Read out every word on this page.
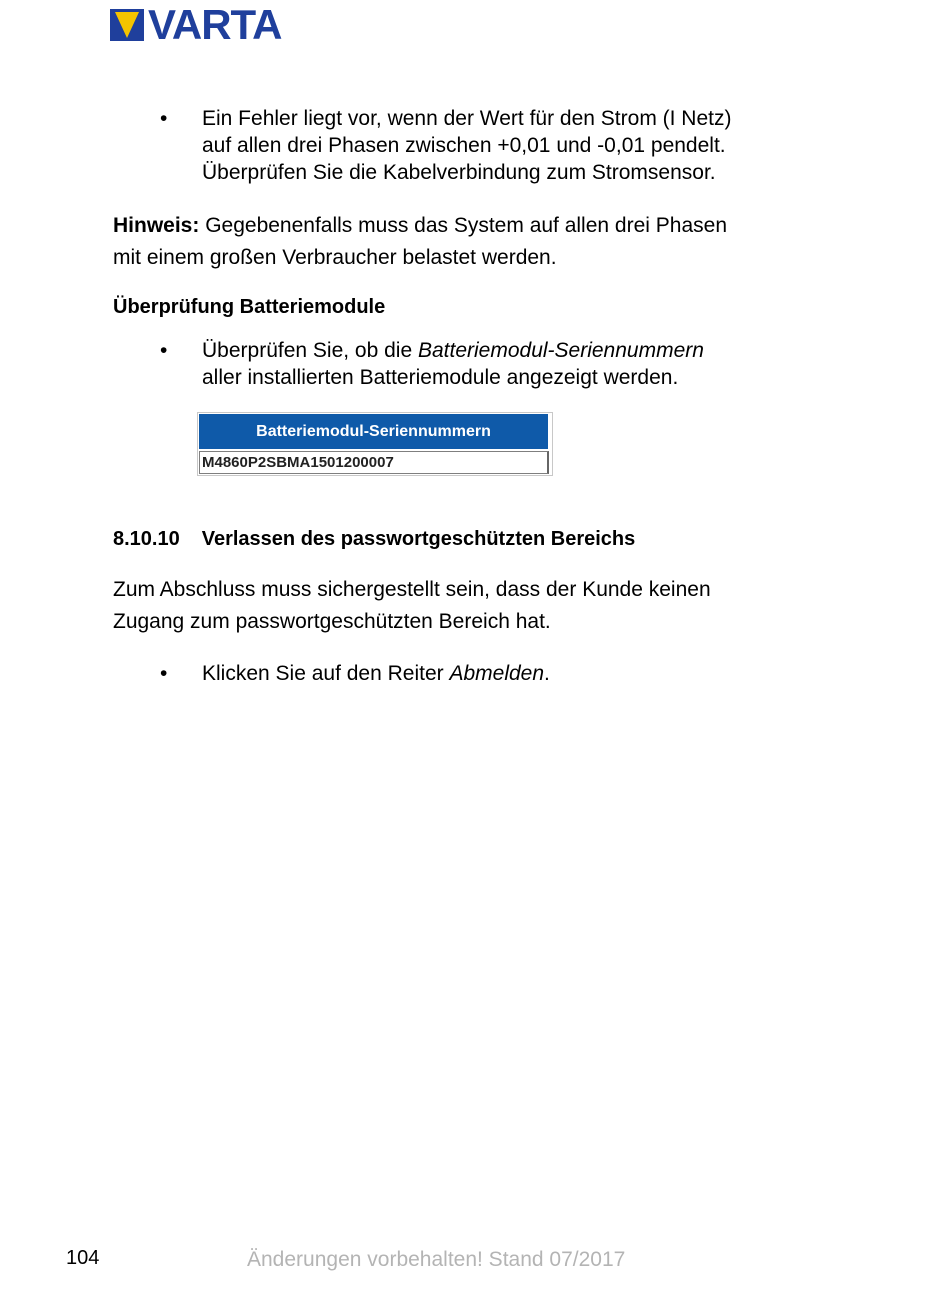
VARTA
• Ein Fehler liegt vor, wenn der Wert für den Strom (I Netz)
auf allen drei Phasen zwischen +0,01 und -0,01 pendelt.
Überprüfen Sie die Kabelverbindung zum Stromsensor.
Hinweis: Gegebenenfalls muss das System auf allen drei Phasen
mit einem großen Verbraucher belastet werden.
Überprüfung Batteriemodule
• Überprüfen Sie, ob die Batteriemodul-Seriennummern
aller installierten Batteriemodule angezeigt werden.
Batteriemodul-Seriennummern
M4860P2SBMA1501200007
8.10.10 Verlassen des passwortgeschützten Bereichs
Zum Abschluss muss sichergestellt sein, dass der Kunde keinen
Zugang zum passwortgeschützten Bereich hat.
• Klicken Sie auf den Reiter Abmelden.
104	Änderungen vorbehalten! Stand 07/2017
